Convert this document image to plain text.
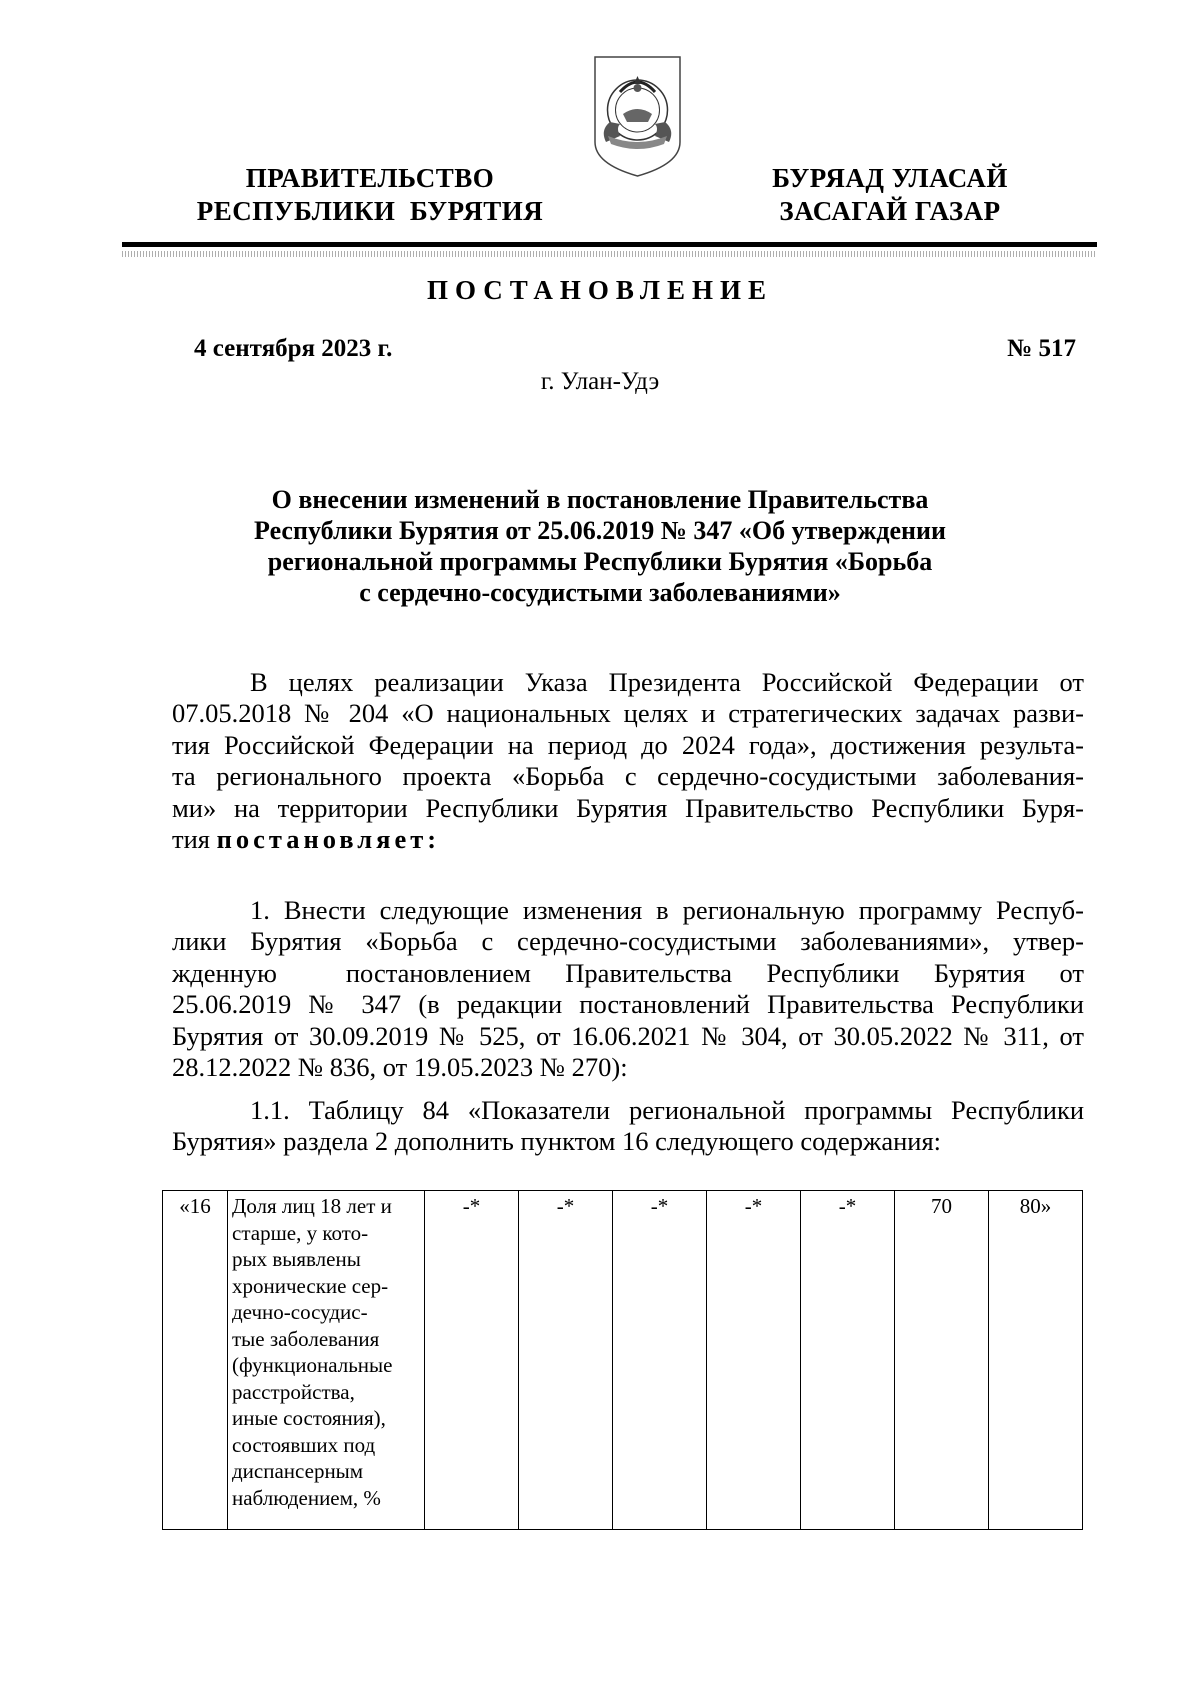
ПРАВИТЕЛЬСТВО
РЕСПУБЛИКИ  БУРЯТИЯ
БУРЯАД УЛАСАЙ
ЗАСАГАЙ ГАЗАР
ПОСТАНОВЛЕНИЕ
4 сентября 2023 г.	№ 517
г. Улан-Удэ
О внесении изменений в постановление Правительства
Республики Бурятия от 25.06.2019 № 347 «Об утверждении
региональной программы Республики Бурятия «Борьба
с сердечно-сосудистыми заболеваниями»
В целях реализации Указа Президента Российской Федерации от
07.05.2018 № 204 «О национальных целях и стратегических задачах разви-
тия Российской Федерации на период до 2024 года», достижения результа-
та регионального проекта «Борьба с сердечно-сосудистыми заболевания-
ми» на территории Республики Бурятия Правительство Республики Буря-
тия постановляет:
1. Внести следующие изменения в региональную программу Респуб-
лики Бурятия «Борьба с сердечно-сосудистыми заболеваниями», утвер-
жденную  постановлением Правительства Республики Бурятия от
25.06.2019 № 347 (в редакции постановлений Правительства Республики
Бурятия от 30.09.2019 № 525, от 16.06.2021 № 304, от 30.05.2022 № 311, от
28.12.2022 № 836, от 19.05.2023 № 270):
1.1. Таблицу 84 «Показатели региональной программы Республики
Бурятия» раздела 2 дополнить пунктом 16 следующего содержания:
«16	Доля лиц 18 лет и
старше, у кото-
рых выявлены
хронические сер-
дечно-сосудис-
тые заболевания
(функциональные
расстройства,
иные состояния),
состоявших под
диспансерным
наблюдением, %
	-*	-*	-*	-*	-*	70	80»
